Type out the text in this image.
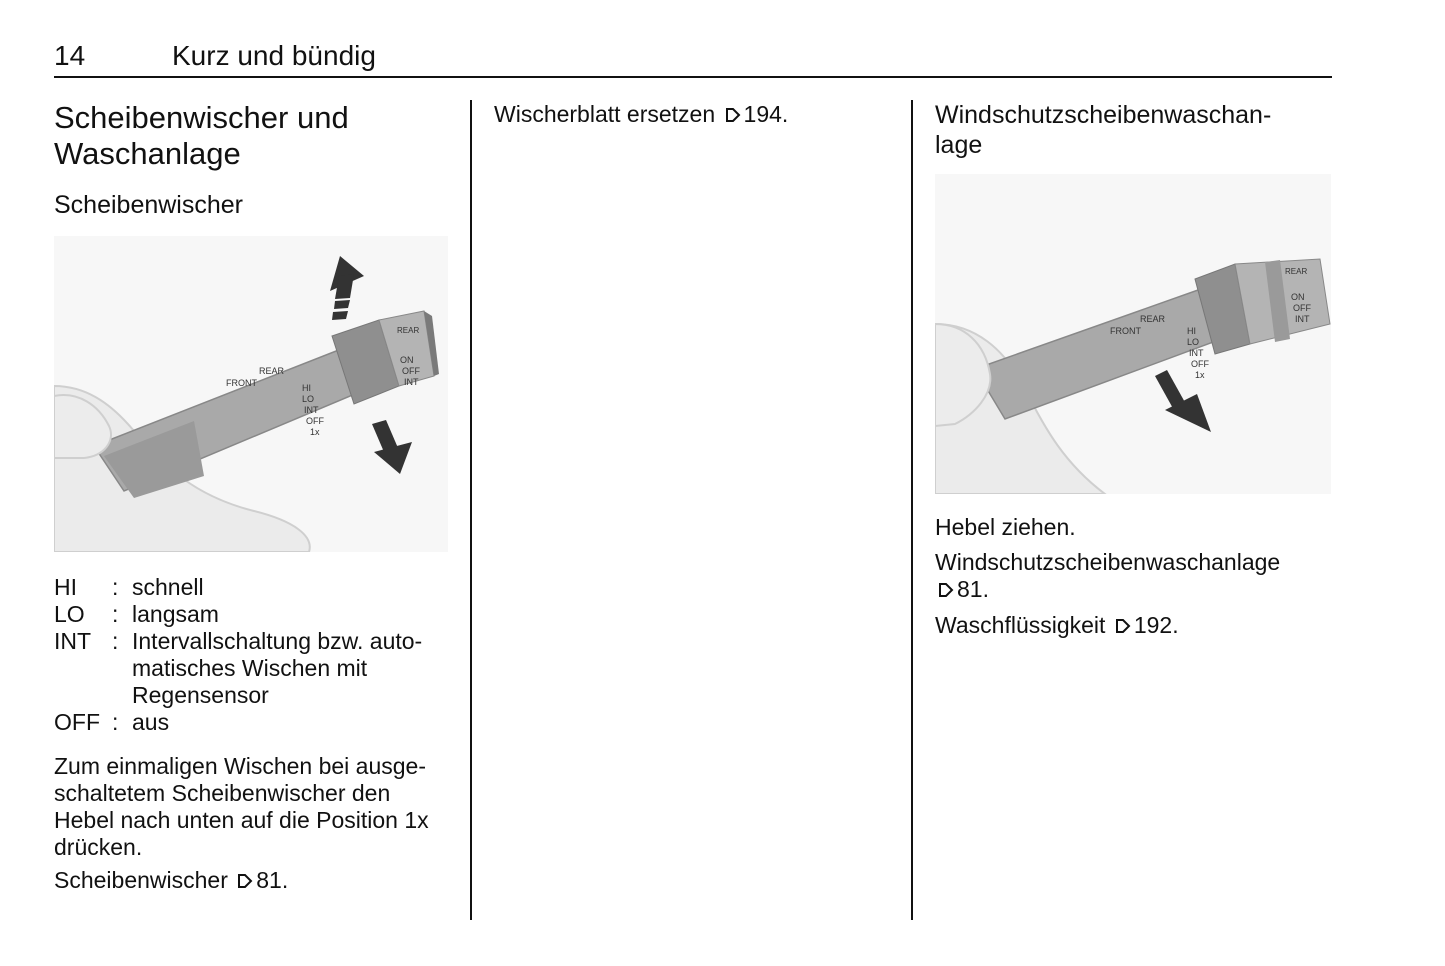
14	Kurz und bündig
Scheibenwischer und
Waschanlage
Scheibenwischer
FRONT
REAR
HI
LO
INT
OFF
1x
REAR
ON
OFF
INT
HI	: schnell
LO	: langsam
INT : Intervallschaltung bzw. auto-
matisches Wischen mit
Regensensor
OFF : aus

Zum einmaligen Wischen bei ausge-
schaltetem Scheibenwischer den
Hebel nach unten auf die Position 1x
drücken.

Scheibenwischer 81.

Wischerblatt ersetzen 194.	Windschutzscheibenwaschan-
lage
FRONT
REAR
HI
LO
INT
OFF
1x
REAR
ON
OFF
INT

Hebel ziehen.

Windschutzscheibenwaschanlage
81.

Waschflüssigkeit 192.
